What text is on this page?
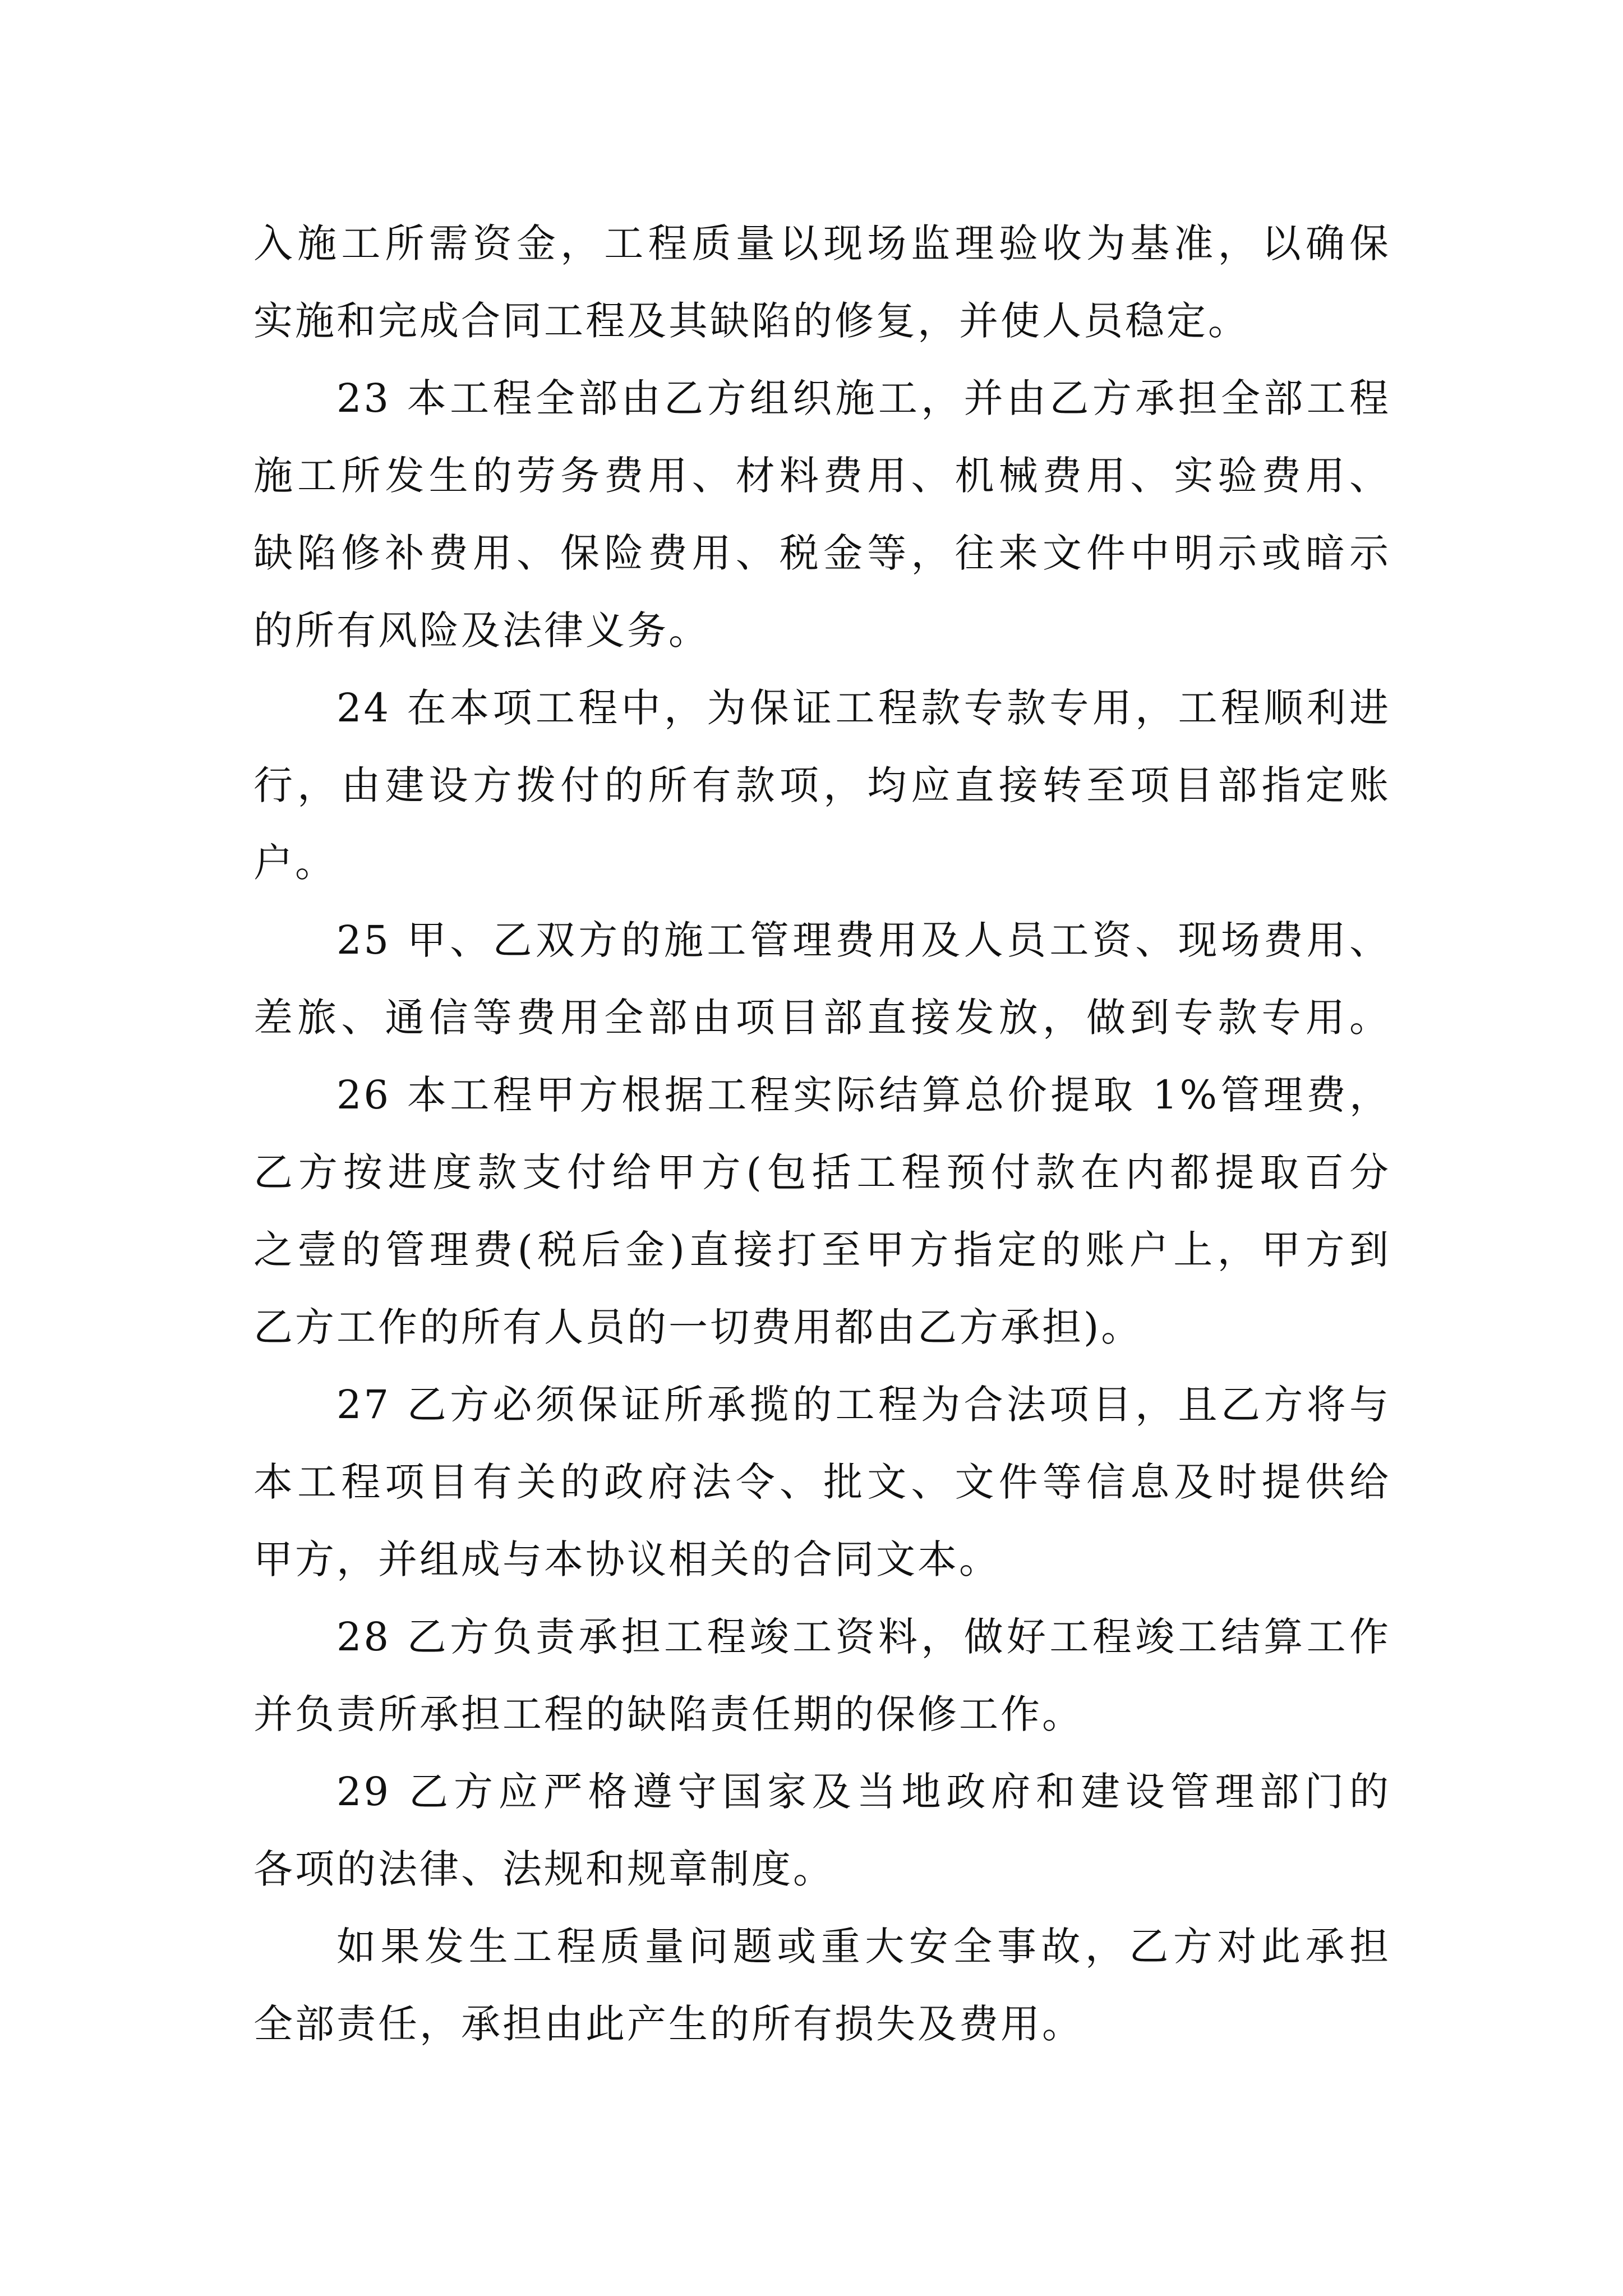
入施工所需资金，工程质量以现场监理验收为基准，以确保
实施和完成合同工程及其缺陷的修复，并使人员稳定。
23 本工程全部由乙方组织施工，并由乙方承担全部工程
施工所发生的劳务费用、材料费用、机械费用、实验费用、
缺陷修补费用、保险费用、税金等，往来文件中明示或暗示
的所有风险及法律义务。
24 在本项工程中，为保证工程款专款专用，工程顺利进
行，由建设方拨付的所有款项，均应直接转至项目部指定账
户。
25 甲、乙双方的施工管理费用及人员工资、现场费用、
差旅、通信等费用全部由项目部直接发放，做到专款专用。
26 本工程甲方根据工程实际结算总价提取 1%管理费，
乙方按进度款支付给甲方(包括工程预付款在内都提取百分
之壹的管理费(税后金)直接打至甲方指定的账户上，甲方到
乙方工作的所有人员的一切费用都由乙方承担)。
27 乙方必须保证所承揽的工程为合法项目，且乙方将与
本工程项目有关的政府法令、批文、文件等信息及时提供给
甲方，并组成与本协议相关的合同文本。
28 乙方负责承担工程竣工资料，做好工程竣工结算工作
并负责所承担工程的缺陷责任期的保修工作。
29 乙方应严格遵守国家及当地政府和建设管理部门的
各项的法律、法规和规章制度。
如果发生工程质量问题或重大安全事故，乙方对此承担
全部责任，承担由此产生的所有损失及费用。
